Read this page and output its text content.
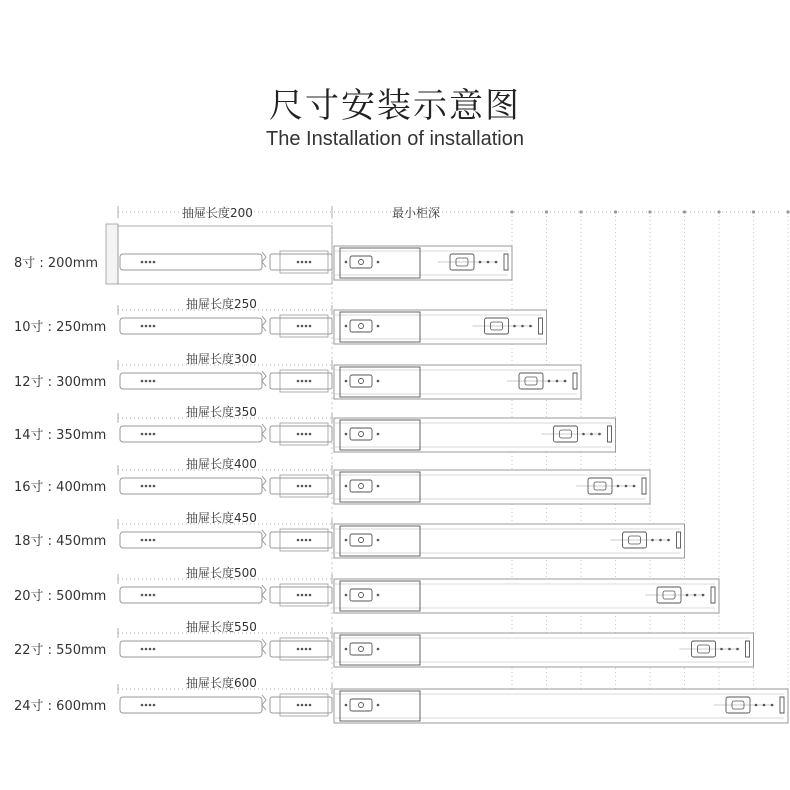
尺寸安装示意图
The Installation of installation
最小柜深
8寸 : 200mm
抽屉长度200
10寸 : 250mm
抽屉长度250
12寸 : 300mm
抽屉长度300
14寸 : 350mm
抽屉长度350
16寸 : 400mm
抽屉长度400
18寸 : 450mm
抽屉长度450
20寸 : 500mm
抽屉长度500
22寸 : 550mm
抽屉长度550
24寸 : 600mm
抽屉长度600
